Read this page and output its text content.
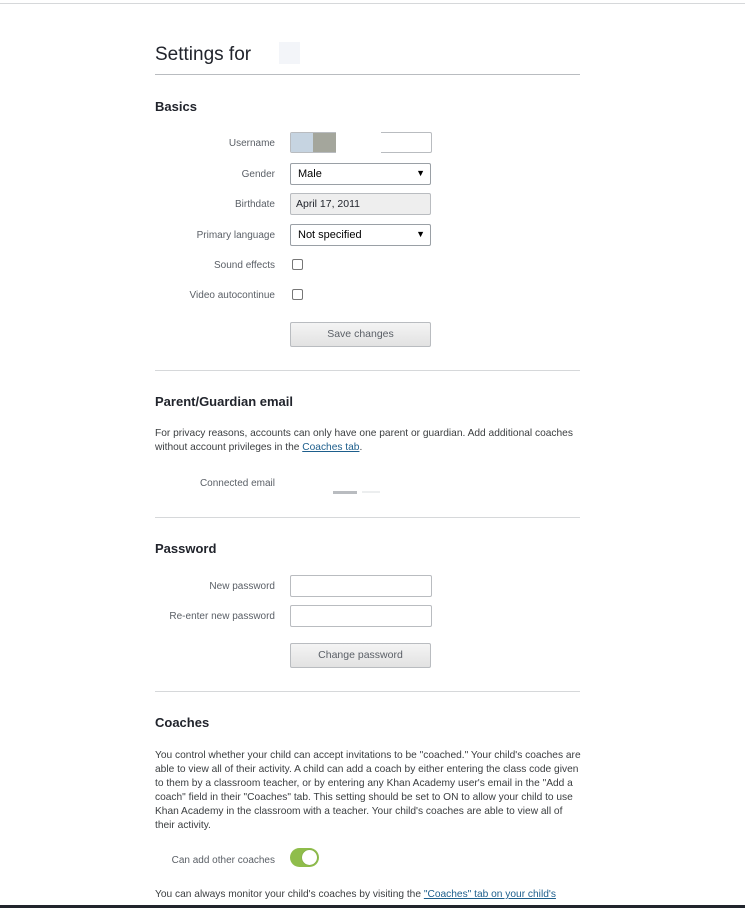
Settings for
Basics
Username
Gender	Male	▼
Birthdate	April 17, 2011
Primary language	Not specified	▼
Sound effects
Video autocontinue
Save changes
Parent/Guardian email

For privacy reasons, accounts can only have one parent or guardian. Add additional coaches without account privileges in the Coaches tab.

Connected email
Password
New password
Re-enter new password
Change password
Coaches

You control whether your child can accept invitations to be "coached." Your child's coaches are able to view all of their activity. A child can add a coach by either entering the class code given to them by a classroom teacher, or by entering any Khan Academy user's email in the "Add a coach" field in their "Coaches" tab. This setting should be set to ON to allow your child to use Khan Academy in the classroom with a teacher. Your child's coaches are able to view all of their activity.

Can add other coaches

You can always monitor your child's coaches by visiting the "Coaches" tab on your child's
